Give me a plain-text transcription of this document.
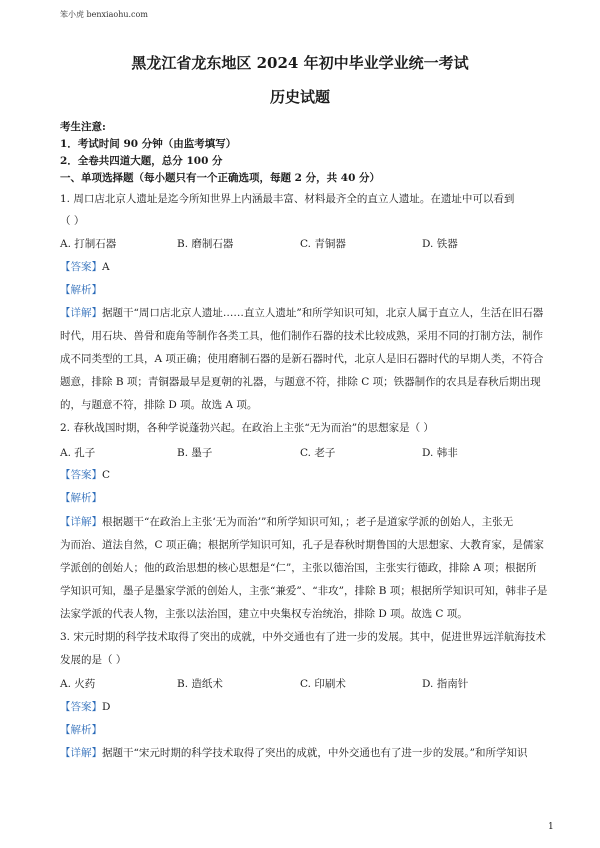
笨小虎 benxiaohu.com
黑龙江省龙东地区 2024 年初中毕业学业统一考试
历史试题
考生注意:
1．考试时间 90 分钟（由监考填写）
2．全卷共四道大题，总分 100 分
一、单项选择题（每小题只有一个正确选项，每题 2 分，共 40 分）
1. 周口店北京人遗址是迄今所知世界上内涵最丰富、材料最齐全的直立人遗址。在遗址中可以看到
（ ）
A. 打制石器	B. 磨制石器	C. 青铜器	D. 铁器
【答案】A
【解析】
【详解】据题干“周口店北京人遗址……直立人遗址”和所学知识可知，北京人属于直立人，生活在旧石器
时代，用石块、兽骨和鹿角等制作各类工具，他们制作石器的技术比较成熟，采用不同的打制方法，制作
成不同类型的工具，A 项正确；使用磨制石器的是新石器时代，北京人是旧石器时代的早期人类，不符合
题意，排除 B 项；青铜器最早是夏朝的礼器，与题意不符，排除 C 项；铁器制作的农具是春秋后期出现
的，与题意不符，排除 D 项。故选 A 项。
2. 春秋战国时期，各种学说蓬勃兴起。在政治上主张“无为而治”的思想家是（ ）
A. 孔子	B. 墨子	C. 老子	D. 韩非
【答案】C
【解析】
【详解】根据题干“在政治上主张‘无为而治’”和所学知识可知，；老子是道家学派的创始人，主张无
为而治、道法自然，C 项正确；根据所学知识可知，孔子是春秋时期鲁国的大思想家、大教育家，是儒家
学派创的创始人；他的政治思想的核心思想是“仁”，主张以德治国，主张实行德政，排除 A 项；根据所
学知识可知，墨子是墨家学派的创始人，主张“兼爱”、“非攻”，排除 B 项；根据所学知识可知，韩非子是
法家学派的代表人物，主张以法治国，建立中央集权专治统治，排除 D 项。故选 C 项。
3. 宋元时期的科学技术取得了突出的成就，中外交通也有了进一步的发展。其中，促进世界远洋航海技术
发展的是（ ）
A. 火药	B. 造纸术	C. 印刷术	D. 指南针
【答案】D
【解析】
【详解】据题干“宋元时期的科学技术取得了突出的成就，中外交通也有了进一步的发展。”和所学知识
1
